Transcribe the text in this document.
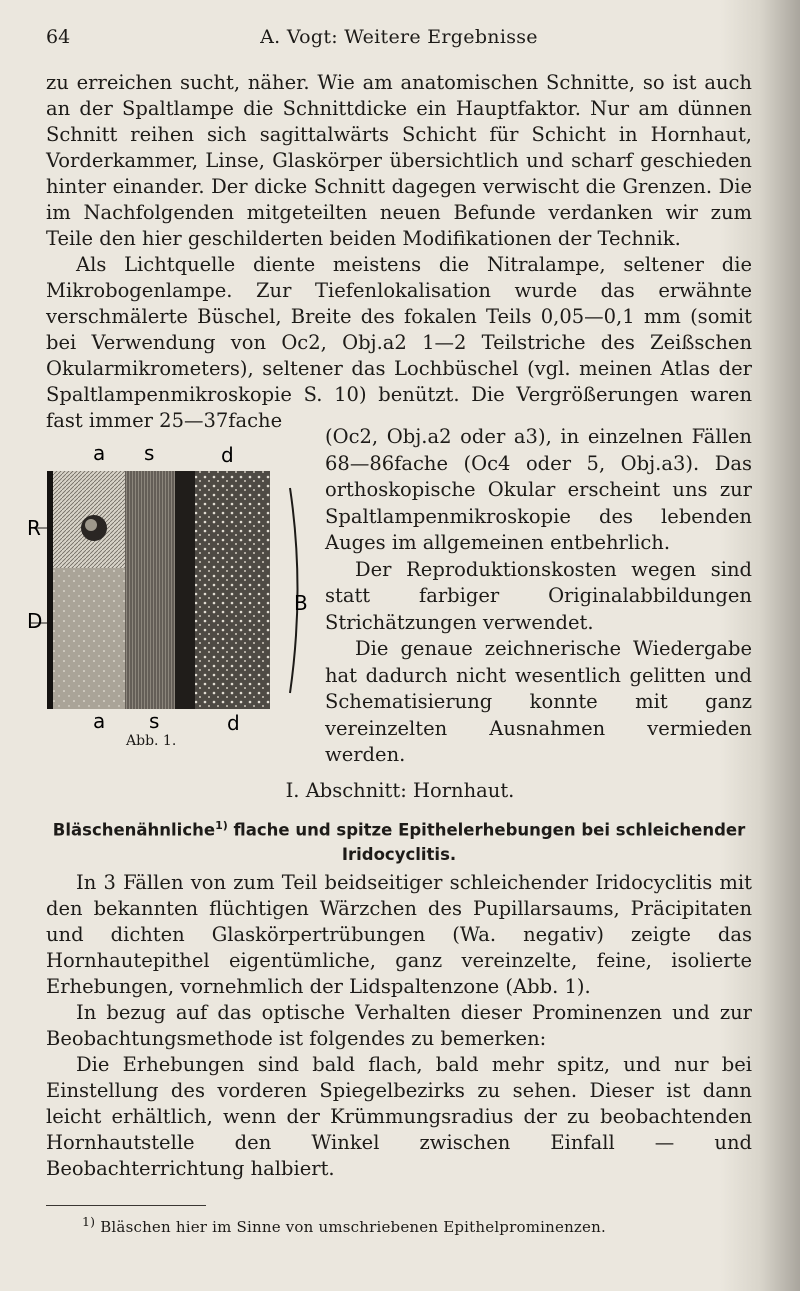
64	A. Vogt: Weitere Ergebnisse

zu erreichen sucht, näher. Wie am anatomischen Schnitte, so ist auch an der Spaltlampe die Schnittdicke ein Hauptfaktor. Nur am dünnen Schnitt reihen sich sagittalwärts Schicht für Schicht in Hornhaut, Vorderkammer, Linse, Glaskörper übersichtlich und scharf geschieden hinter einander. Der dicke Schnitt dagegen verwischt die Grenzen. Die im Nachfolgenden mitgeteilten neuen Befunde verdanken wir zum Teile den hier geschilderten beiden Modifikationen der Technik.

Als Lichtquelle diente meistens die Nitralampe, seltener die Mikrobogenlampe. Zur Tiefenlokalisation wurde das erwähnte verschmälerte Büschel, Breite des fokalen Teils 0,05—0,1 mm (somit bei Verwendung von Oc2, Obj.a2 1—2 Teilstriche des Zeißschen Okularmikrometers), seltener das Lochbüschel (vgl. meinen Atlas der Spaltlampenmikroskopie S. 10) benützt. Die Vergrößerungen waren fast immer 25—37fache

a s	d
R
D
B
a s	d
Abb. 1.

(Oc2, Obj.a2 oder a3), in einzelnen Fällen 68—86fache (Oc4 oder 5, Obj.a3). Das orthoskopische Okular erscheint uns zur Spaltlampenmikroskopie des lebenden Auges im allgemeinen entbehrlich.

Der Reproduktionskosten wegen sind statt farbiger Originalabbildungen Strichätzungen verwendet.

Die genaue zeichnerische Wiedergabe hat dadurch nicht wesentlich gelitten und Schematisierung konnte mit ganz vereinzelten Ausnahmen vermieden werden.

I. Abschnitt: Hornhaut.
Bläschenähnliche$^{1)}$ flache und spitze Epithelerhebungen bei schleichender
Iridocyclitis.

In 3 Fällen von zum Teil beidseitiger schleichender Iridocyclitis mit den bekannten flüchtigen Wärzchen des Pupillarsaums, Präcipitaten und dichten Glaskörpertrübungen (Wa. negativ) zeigte das Hornhautepithel eigentümliche, ganz vereinzelte, feine, isolierte Erhebungen, vornehmlich der Lidspaltenzone (Abb. 1).

In bezug auf das optische Verhalten dieser Prominenzen und zur Beobachtungsmethode ist folgendes zu bemerken:

Die Erhebungen sind bald flach, bald mehr spitz, und nur bei Einstellung des vorderen Spiegelbezirks zu sehen. Dieser ist dann leicht erhältlich, wenn der Krümmungsradius der zu beobachtenden Hornhautstelle den Winkel zwischen Einfall — und Beobachterrichtung halbiert.

$^{1)}$ Bläschen hier im Sinne von umschriebenen Epithelprominenzen.
